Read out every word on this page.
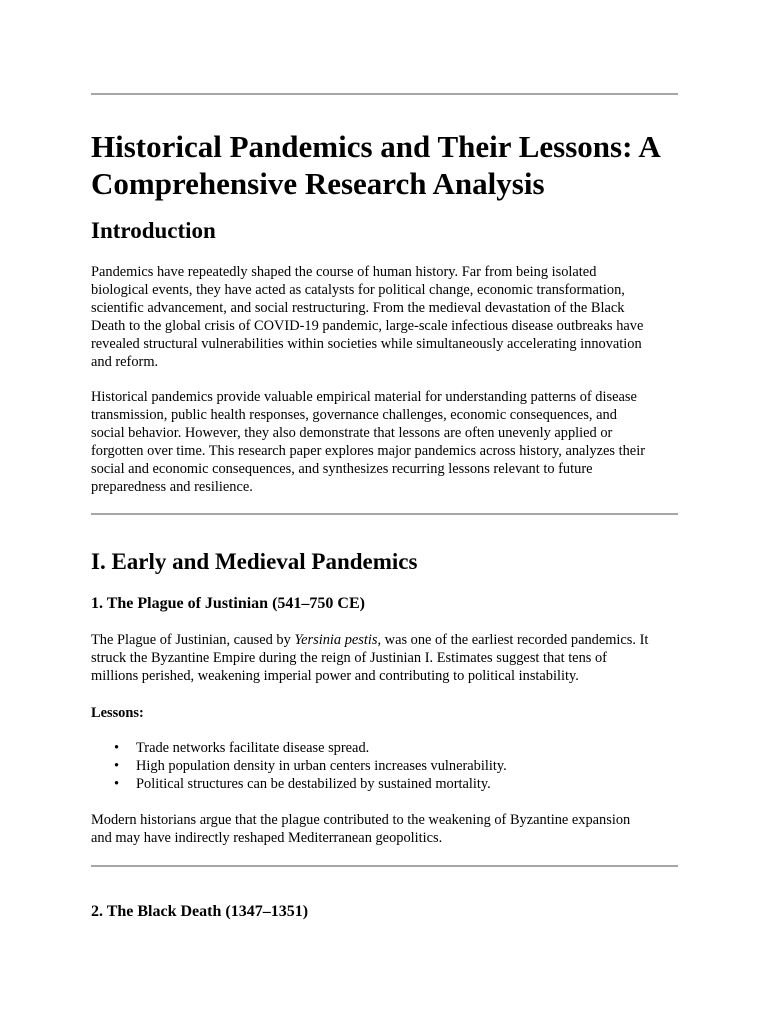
Historical Pandemics and Their Lessons: A
Comprehensive Research Analysis
Introduction

Pandemics have repeatedly shaped the course of human history. Far from being isolated
biological events, they have acted as catalysts for political change, economic transformation,
scientific advancement, and social restructuring. From the medieval devastation of the Black
Death to the global crisis of COVID-19 pandemic, large-scale infectious disease outbreaks have
revealed structural vulnerabilities within societies while simultaneously accelerating innovation
and reform.

Historical pandemics provide valuable empirical material for understanding patterns of disease
transmission, public health responses, governance challenges, economic consequences, and
social behavior. However, they also demonstrate that lessons are often unevenly applied or
forgotten over time. This research paper explores major pandemics across history, analyzes their
social and economic consequences, and synthesizes recurring lessons relevant to future
preparedness and resilience.

I. Early and Medieval Pandemics
1. The Plague of Justinian (541–750 CE)

The Plague of Justinian, caused by Yersinia pestis, was one of the earliest recorded pandemics. It
struck the Byzantine Empire during the reign of Justinian I. Estimates suggest that tens of
millions perished, weakening imperial power and contributing to political instability.

Lessons:

• Trade networks facilitate disease spread.
• High population density in urban centers increases vulnerability.
• Political structures can be destabilized by sustained mortality.

Modern historians argue that the plague contributed to the weakening of Byzantine expansion
and may have indirectly reshaped Mediterranean geopolitics.

2. The Black Death (1347–1351)
